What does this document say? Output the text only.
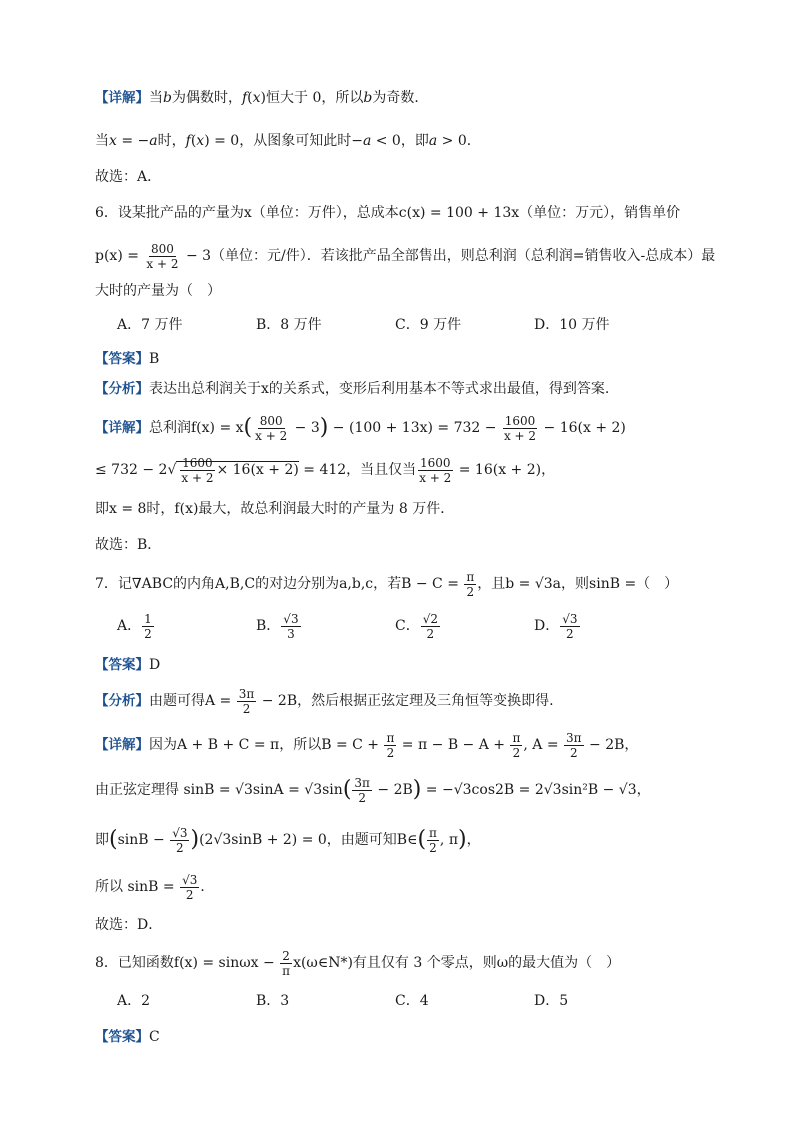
【详解】当b为偶数时，f(x)恒大于 0，所以b为奇数．
当x = −a时，f(x) = 0，从图象可知此时−a < 0，即a > 0．
故选：A．
6．设某批产品的产量为x（单位：万件），总成本c(x) = 100 + 13x（单位：万元），销售单价
$p(x) = \frac{800}{x + 2} - 3$（单位：元/件）．若该批产品全部售出，则总利润（总利润=销售收入-总成本）最
大时的产量为（　）
A．7 万件	B．8 万件	C．9 万件	D．10 万件
【答案】B
【分析】表达出总利润关于x的关系式，变形后利用基本不等式求出最值，得到答案.
【详解】总利润$f(x) = x( \frac{800}{x + 2} - 3) - (100 + 13x) = 732 - \frac{1600}{x + 2} - 16(x + 2)$
≤ $732 - 2√ \frac{1600}{x + 2} \times 16(x + 2) = 412$，当且仅当 $\frac{1600}{x + 2} = 16(x + 2)$，
即x = 8时，f(x)最大，故总利润最大时的产量为 8 万件．
故选：B．
7．记∇ABC的内角A,B,C的对边分别为a,b,c，若$B - C = \frac{\pi}{2}$ ，且b = √3a，则sinB =（　）
A． $\frac{1}{2}$	B． $\frac{√3}{3}$	C． $\frac{√2}{2}$	D． $\frac{√3}{2}$
【答案】D
【分析】由题可得$A = \frac{3\pi}{2} - 2B$，然后根据正弦定理及三角恒等变换即得.
【详解】因为A + B + C = π，所以$B = C + \frac{\pi}{2} = \pi - B - A + \frac{\pi}{2}$ , $A = \frac{3\pi}{2} - 2B$，
由正弦定理得 $\sin B = √3\sin A = √3\sin( \frac{3\pi}{2} - 2B) = -√3\cos 2B = 2√3\sin^2B - √3$，
即$(\sin B - \frac{√3}{2} )(2√3\sin B + 2) = 0$，由题可知B∈( $\frac{\pi}{2}$ , π)，
所以 $\sin B = \frac{√3}{2}$ ．
故选：D．
8．已知函数$f(x) = \sin\omega x - \frac{2}{\pi}$ x(ω∈N*)有且仅有 3 个零点，则ω的最大值为（　）
A．2	B．3	C．4	D．5
【答案】C
